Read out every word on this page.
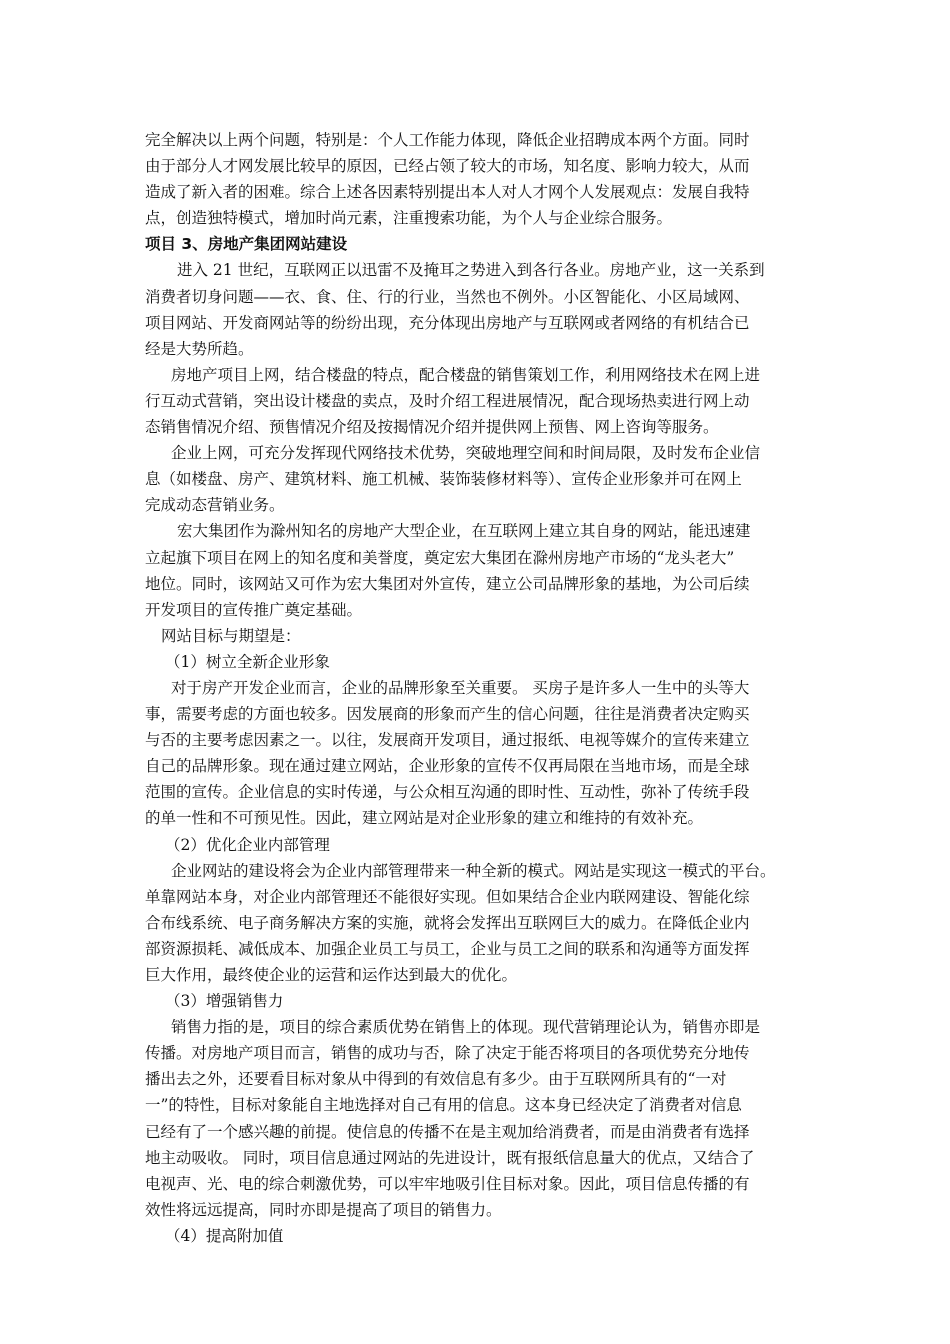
完全解决以上两个问题，特别是：个人工作能力体现，降低企业招聘成本两个方面。同时
由于部分人才网发展比较早的原因，已经占领了较大的市场，知名度、影响力较大，从而
造成了新入者的困难。综合上述各因素特别提出本人对人才网个人发展观点：发展自我特
点，创造独特模式，增加时尚元素，注重搜索功能，为个人与企业综合服务。
项目 3、房地产集团网站建设
进入 21 世纪，互联网正以迅雷不及掩耳之势进入到各行各业。房地产业，这一关系到
消费者切身问题——衣、食、住、行的行业，当然也不例外。小区智能化、小区局域网、
项目网站、开发商网站等的纷纷出现，充分体现出房地产与互联网或者网络的有机结合已
经是大势所趋。
房地产项目上网，结合楼盘的特点，配合楼盘的销售策划工作，利用网络技术在网上进
行互动式营销，突出设计楼盘的卖点，及时介绍工程进展情况，配合现场热卖进行网上动
态销售情况介绍、预售情况介绍及按揭情况介绍并提供网上预售、网上咨询等服务。
企业上网，可充分发挥现代网络技术优势，突破地理空间和时间局限，及时发布企业信
息（如楼盘、房产、建筑材料、施工机械、装饰装修材料等）、宣传企业形象并可在网上
完成动态营销业务。
宏大集团作为滁州知名的房地产大型企业，在互联网上建立其自身的网站，能迅速建
立起旗下项目在网上的知名度和美誉度，奠定宏大集团在滁州房地产市场的“龙头老大”
地位。同时，该网站又可作为宏大集团对外宣传，建立公司品牌形象的基地，为公司后续
开发项目的宣传推广奠定基础。
网站目标与期望是：
（1）树立全新企业形象
对于房产开发企业而言，企业的品牌形象至关重要。 买房子是许多人一生中的头等大
事，需要考虑的方面也较多。因发展商的形象而产生的信心问题，往往是消费者决定购买
与否的主要考虑因素之一。以往，发展商开发项目，通过报纸、电视等媒介的宣传来建立
自己的品牌形象。现在通过建立网站，企业形象的宣传不仅再局限在当地市场，而是全球
范围的宣传。企业信息的实时传递，与公众相互沟通的即时性、互动性，弥补了传统手段
的单一性和不可预见性。因此，建立网站是对企业形象的建立和维持的有效补充。
（2）优化企业内部管理
企业网站的建设将会为企业内部管理带来一种全新的模式。网站是实现这一模式的平台。
单靠网站本身，对企业内部管理还不能很好实现。但如果结合企业内联网建设、智能化综
合布线系统、电子商务解决方案的实施，就将会发挥出互联网巨大的威力。在降低企业内
部资源损耗、减低成本、加强企业员工与员工，企业与员工之间的联系和沟通等方面发挥
巨大作用，最终使企业的运营和运作达到最大的优化。
（3）增强销售力
销售力指的是，项目的综合素质优势在销售上的体现。现代营销理论认为，销售亦即是
传播。对房地产项目而言，销售的成功与否，除了决定于能否将项目的各项优势充分地传
播出去之外，还要看目标对象从中得到的有效信息有多少。由于互联网所具有的“一对
一”的特性，目标对象能自主地选择对自己有用的信息。这本身已经决定了消费者对信息
已经有了一个感兴趣的前提。使信息的传播不在是主观加给消费者，而是由消费者有选择
地主动吸收。 同时，项目信息通过网站的先进设计，既有报纸信息量大的优点，又结合了
电视声、光、电的综合刺激优势，可以牢牢地吸引住目标对象。因此，项目信息传播的有
效性将远远提高，同时亦即是提高了项目的销售力。
（4）提高附加值
